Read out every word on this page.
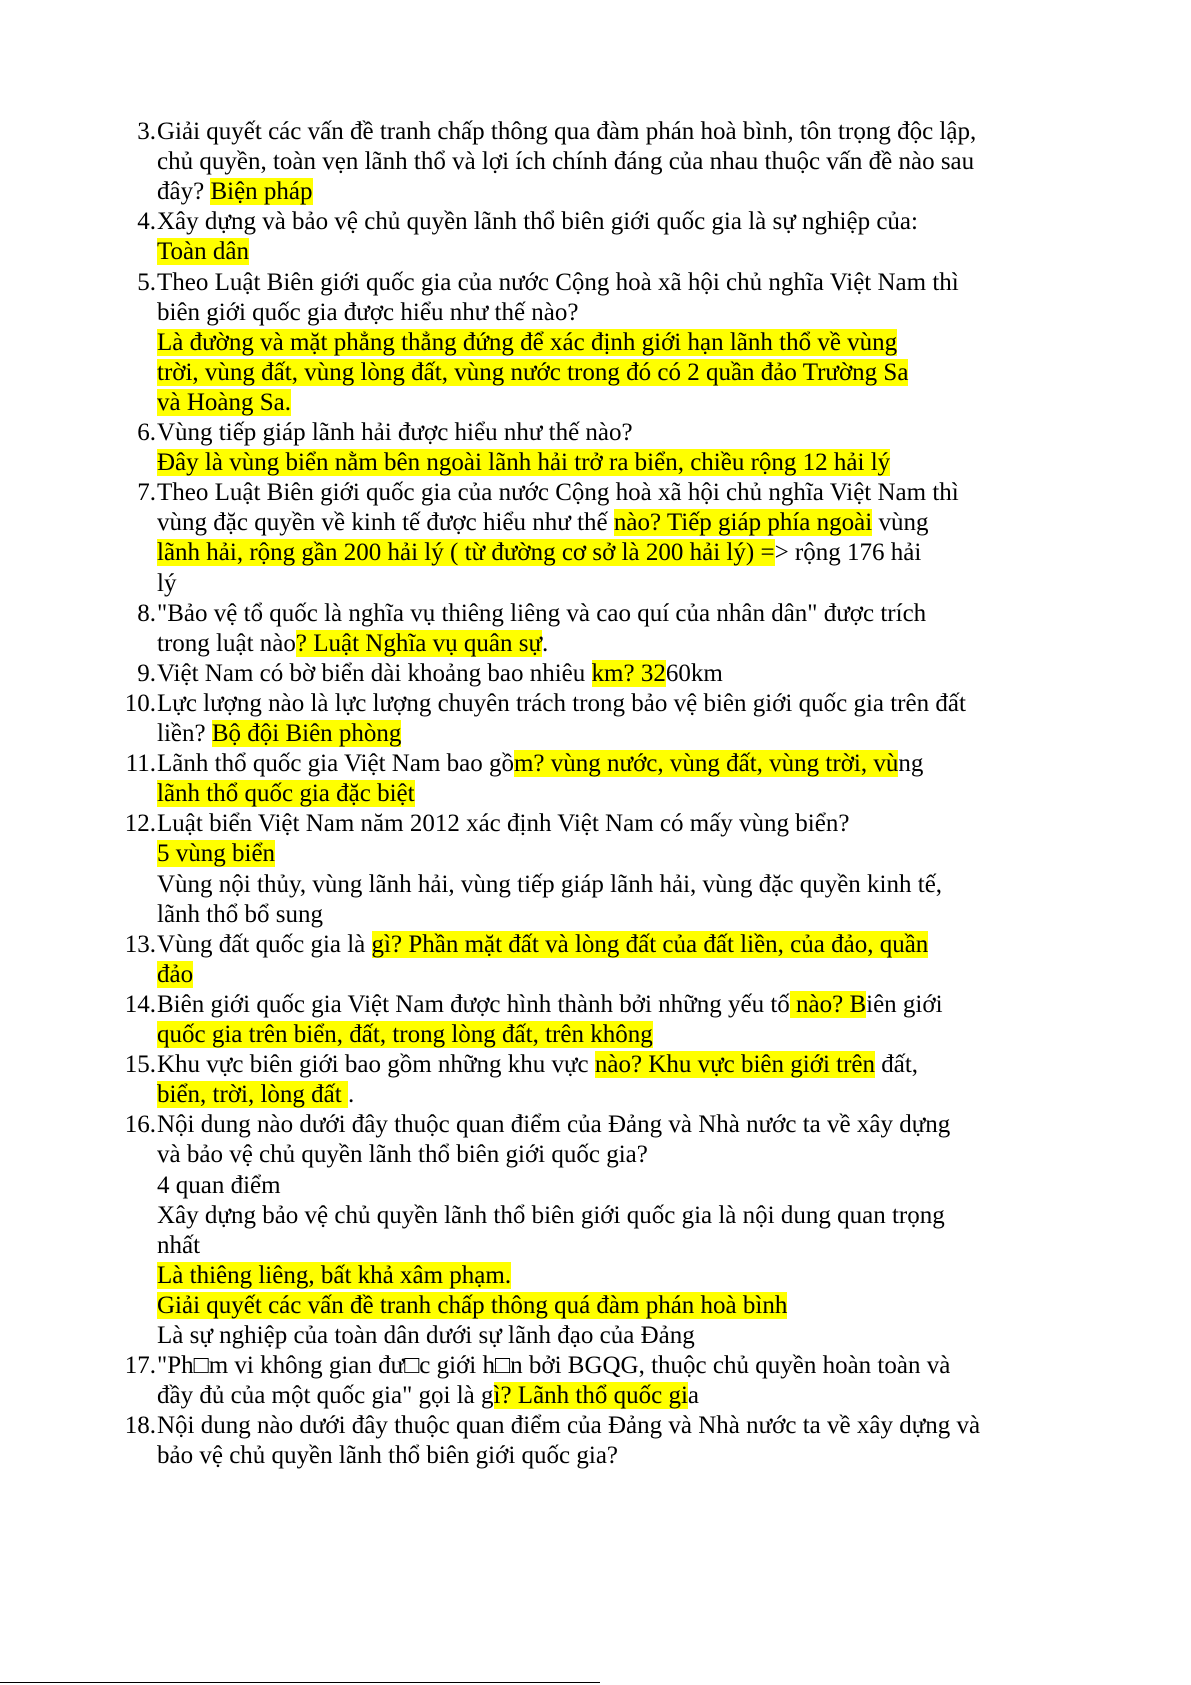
3. Giải quyết các vấn đề tranh chấp thông qua đàm phán hoà bình, tôn trọng độc lập,
chủ quyền, toàn vẹn lãnh thổ và lợi ích chính đáng của nhau thuộc vấn đề nào sau
đây? Biện pháp
4. Xây dựng và bảo vệ chủ quyền lãnh thổ biên giới quốc gia là sự nghiệp của:
Toàn dân
5. Theo Luật Biên giới quốc gia của nước Cộng hoà xã hội chủ nghĩa Việt Nam thì
biên giới quốc gia được hiểu như thế nào?
Là đường và mặt phẳng thẳng đứng để xác định giới hạn lãnh thổ về vùng
trời, vùng đất, vùng lòng đất, vùng nước trong đó có 2 quần đảo Trường Sa
và Hoàng Sa.
6. Vùng tiếp giáp lãnh hải được hiểu như thế nào?
Đây là vùng biển nằm bên ngoài lãnh hải trở ra biển, chiều rộng 12 hải lý
7. Theo Luật Biên giới quốc gia của nước Cộng hoà xã hội chủ nghĩa Việt Nam thì
vùng đặc quyền về kinh tế được hiểu như thế nào? Tiếp giáp phía ngoài vùng
lãnh hải, rộng gần 200 hải lý ( từ đường cơ sở là 200 hải lý) => rộng 176 hải
lý
8. "Bảo vệ tổ quốc là nghĩa vụ thiêng liêng và cao quí của nhân dân" được trích
trong luật nào? Luật Nghĩa vụ quân sự.
9. Việt Nam có bờ biển dài khoảng bao nhiêu km? 3260km
10. Lực lượng nào là lực lượng chuyên trách trong bảo vệ biên giới quốc gia trên đất
liền? Bộ đội Biên phòng
11. Lãnh thổ quốc gia Việt Nam bao gồm? vùng nước, vùng đất, vùng trời, vùng
lãnh thổ quốc gia đặc biệt
12. Luật biển Việt Nam năm 2012 xác định Việt Nam có mấy vùng biển?
5 vùng biển
Vùng nội thủy, vùng lãnh hải, vùng tiếp giáp lãnh hải, vùng đặc quyền kinh tế,
lãnh thổ bổ sung
13. Vùng đất quốc gia là gì? Phần mặt đất và lòng đất của đất liền, của đảo, quần
đảo
14. Biên giới quốc gia Việt Nam được hình thành bởi những yếu tố nào? Biên giới
quốc gia trên biển, đất, trong lòng đất, trên không
15. Khu vực biên giới bao gồm những khu vực nào? Khu vực biên giới trên đất,
biển, trời, lòng đất .
16. Nội dung nào dưới đây thuộc quan điểm của Đảng và Nhà nước ta về xây dựng
và bảo vệ chủ quyền lãnh thổ biên giới quốc gia?
4 quan điểm
Xây dựng bảo vệ chủ quyền lãnh thổ biên giới quốc gia là nội dung quan trọng
nhất
Là thiêng liêng, bất khả xâm phạm.
Giải quyết các vấn đề tranh chấp thông quá đàm phán hoà bình
Là sự nghiệp của toàn dân dưới sự lãnh đạo của Đảng
17. "Ph□m vi không gian đư□c giới h□n bởi BGQG, thuộc chủ quyền hoàn toàn và
đầy đủ của một quốc gia" gọi là gì? Lãnh thổ quốc gia
18. Nội dung nào dưới đây thuộc quan điểm của Đảng và Nhà nước ta về xây dựng và
bảo vệ chủ quyền lãnh thổ biên giới quốc gia?
